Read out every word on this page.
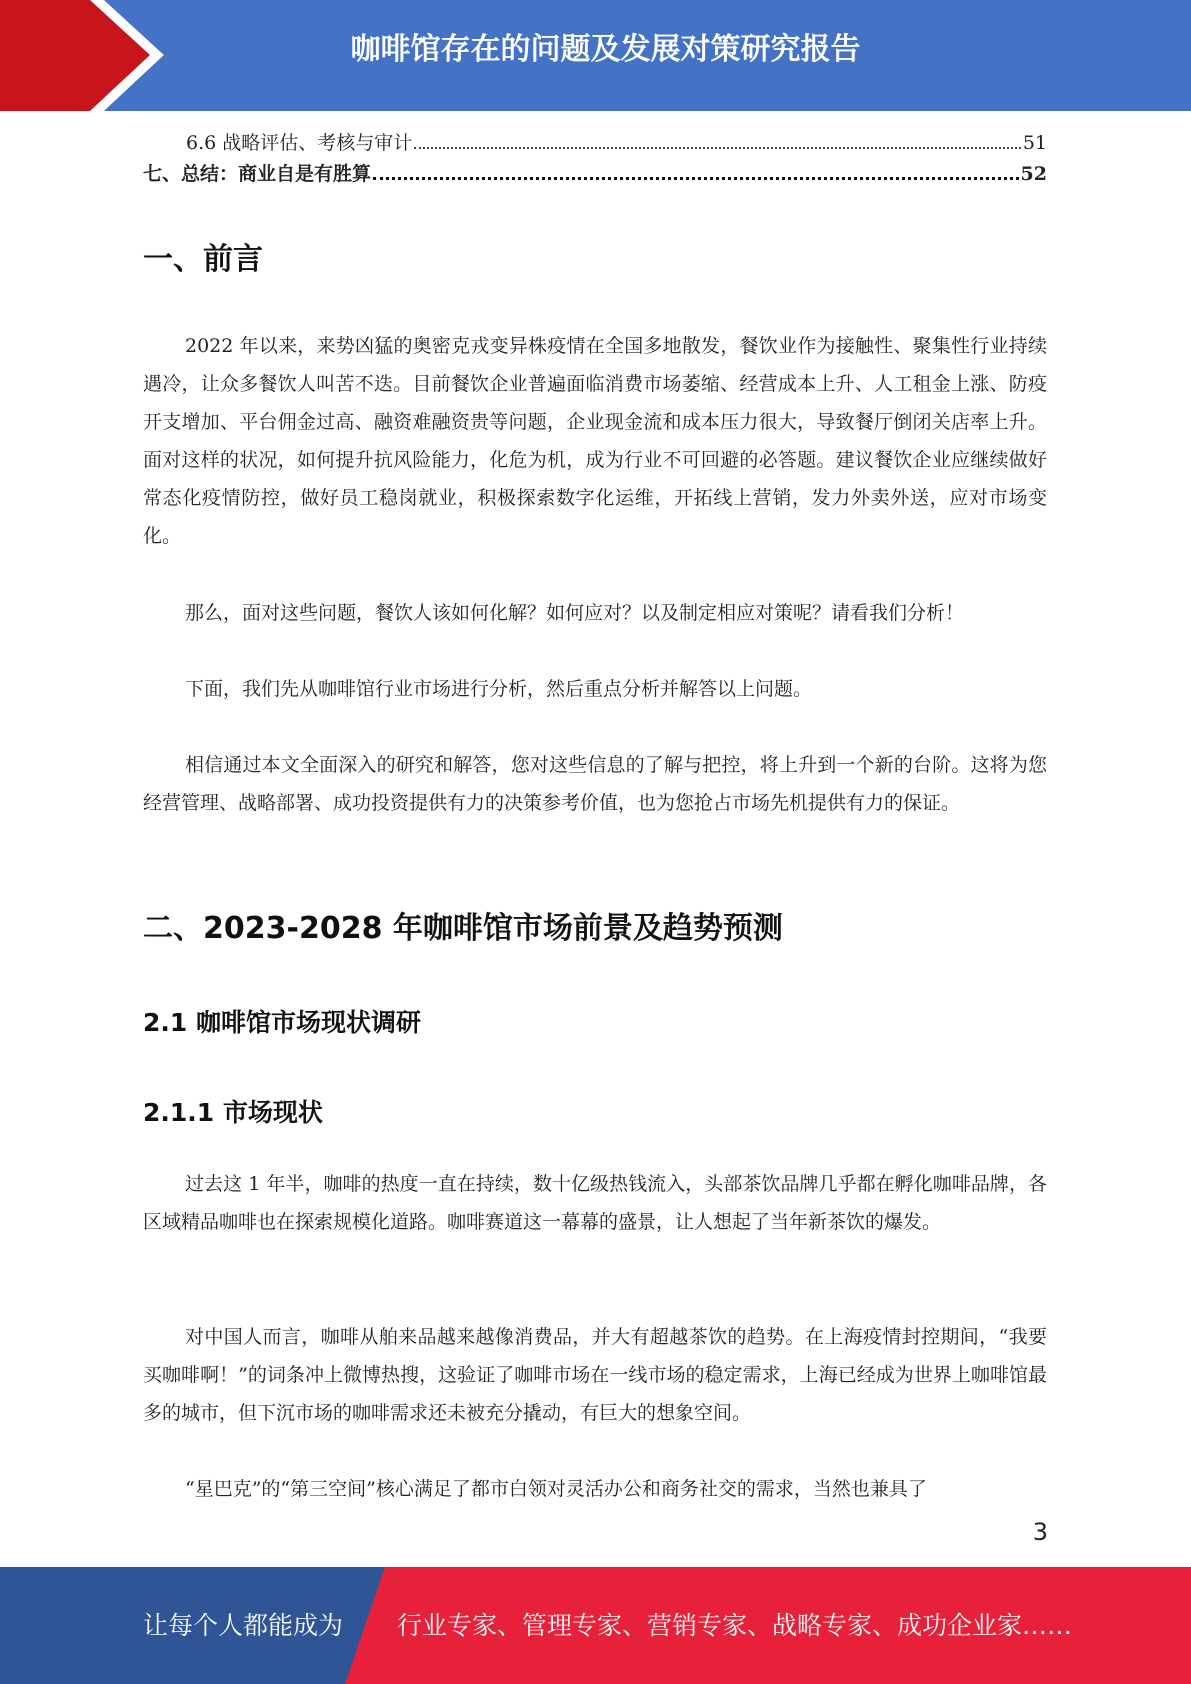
咖啡馆存在的问题及发展对策研究报告
6.6 战略评估、考核与审计	51
七、总结：商业自是有胜算	52
一、前言

2022 年以来，来势凶猛的奥密克戎变异株疫情在全国多地散发，餐饮业作为接触性、聚集性行业持续遇冷，让众多餐饮人叫苦不迭。目前餐饮企业普遍面临消费市场萎缩、经营成本上升、人工租金上涨、防疫开支增加、平台佣金过高、融资难融资贵等问题，企业现金流和成本压力很大，导致餐厅倒闭关店率上升。面对这样的状况，如何提升抗风险能力，化危为机，成为行业不可回避的必答题。建议餐饮企业应继续做好常态化疫情防控，做好员工稳岗就业，积极探索数字化运维，开拓线上营销，发力外卖外送，应对市场变化。

那么，面对这些问题，餐饮人该如何化解？如何应对？以及制定相应对策呢？请看我们分析！

下面，我们先从咖啡馆行业市场进行分析，然后重点分析并解答以上问题。

相信通过本文全面深入的研究和解答，您对这些信息的了解与把控，将上升到一个新的台阶。这将为您经营管理、战略部署、成功投资提供有力的决策参考价值，也为您抢占市场先机提供有力的保证。

二、2023-2028 年咖啡馆市场前景及趋势预测
2.1 咖啡馆市场现状调研
2.1.1 市场现状

过去这 1 年半，咖啡的热度一直在持续，数十亿级热钱流入，头部茶饮品牌几乎都在孵化咖啡品牌，各区域精品咖啡也在探索规模化道路。咖啡赛道这一幕幕的盛景，让人想起了当年新茶饮的爆发。

对中国人而言，咖啡从舶来品越来越像消费品，并大有超越茶饮的趋势。在上海疫情封控期间，“我要买咖啡啊！”的词条冲上微博热搜，这验证了咖啡市场在一线市场的稳定需求，上海已经成为世界上咖啡馆最多的城市，但下沉市场的咖啡需求还未被充分撬动，有巨大的想象空间。

“星巴克”的“第三空间”核心满足了都市白领对灵活办公和商务社交的需求，当然也兼具了

3
让每个人都能成为 行业专家、管理专家、营销专家、战略专家、成功企业家……
